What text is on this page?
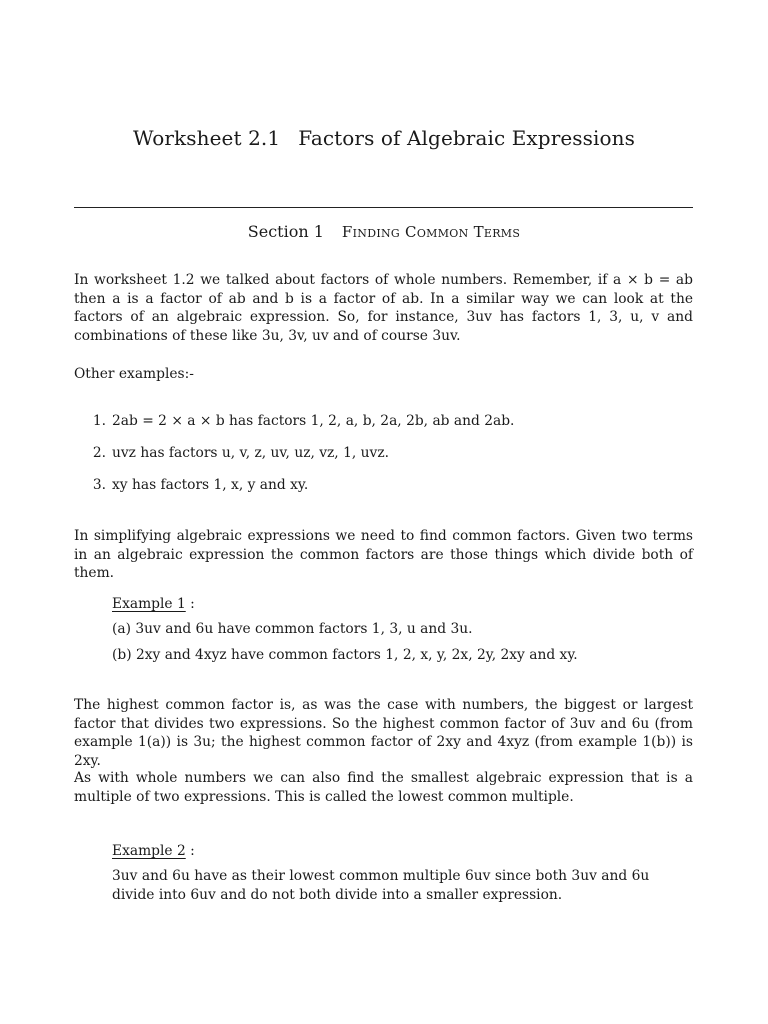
Worksheet 2.1 Factors of Algebraic Expressions
Section 1 Finding Common Terms
In worksheet 1.2 we talked about factors of whole numbers. Remember, if a × b = ab then a is a factor of ab and b is a factor of ab. In a similar way we can look at the factors of an algebraic expression. So, for instance, 3uv has factors 1, 3, u, v and combinations of these like 3u, 3v, uv and of course 3uv.
Other examples:-
1. 2ab = 2 × a × b has factors 1, 2, a, b, 2a, 2b, ab and 2ab.
2. uvz has factors u, v, z, uv, uz, vz, 1, uvz.
3. xy has factors 1, x, y and xy.
In simplifying algebraic expressions we need to find common factors. Given two terms in an algebraic expression the common factors are those things which divide both of them.
Example 1 :
(a) 3uv and 6u have common factors 1, 3, u and 3u.
(b) 2xy and 4xyz have common factors 1, 2, x, y, 2x, 2y, 2xy and xy.
The highest common factor is, as was the case with numbers, the biggest or largest factor that divides two expressions. So the highest common factor of 3uv and 6u (from example 1(a)) is 3u; the highest common factor of 2xy and 4xyz (from example 1(b)) is 2xy.
As with whole numbers we can also find the smallest algebraic expression that is a multiple of two expressions. This is called the lowest common multiple.
Example 2 :
3uv and 6u have as their lowest common multiple 6uv since both 3uv and 6u divide into 6uv and do not both divide into a smaller expression.
